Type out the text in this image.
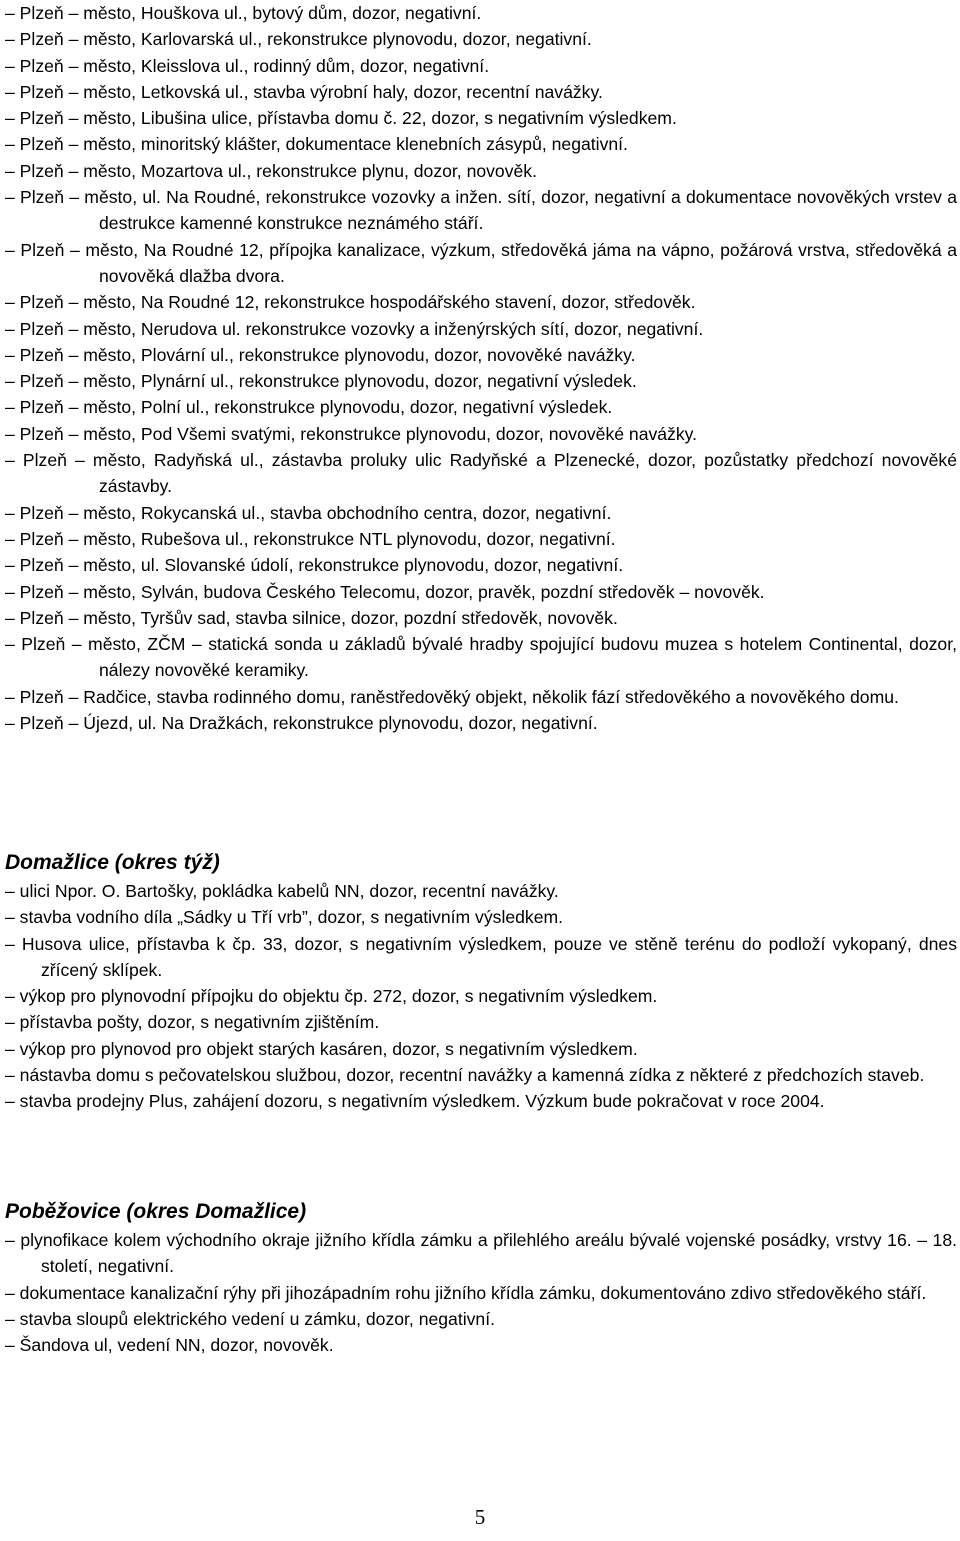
– Plzeň – město, Houškova ul., bytový dům, dozor, negativní.
– Plzeň – město, Karlovarská ul., rekonstrukce plynovodu, dozor, negativní.
– Plzeň – město, Kleisslova ul., rodinný dům, dozor, negativní.
– Plzeň – město, Letkovská ul., stavba výrobní haly, dozor, recentní navážky.
– Plzeň – město, Libušina ulice, přístavba domu č. 22, dozor, s negativním výsledkem.
– Plzeň – město, minoritský klášter, dokumentace klenebních zásypů, negativní.
– Plzeň – město, Mozartova ul., rekonstrukce plynu, dozor, novověk.
– Plzeň – město, ul. Na Roudné, rekonstrukce vozovky a inžen. sítí, dozor, negativní a dokumentace novověkých vrstev a destrukce kamenné konstrukce neznámého stáří.
– Plzeň – město, Na Roudné 12, přípojka kanalizace, výzkum, středověká jáma na vápno, požárová vrstva, středověká a novověká dlažba dvora.
– Plzeň – město, Na Roudné 12, rekonstrukce hospodářského stavení, dozor, středověk.
– Plzeň – město, Nerudova ul. rekonstrukce vozovky a inženýrských sítí, dozor, negativní.
– Plzeň – město, Plovární ul., rekonstrukce plynovodu, dozor, novověké navážky.
– Plzeň – město, Plynární ul., rekonstrukce plynovodu, dozor, negativní výsledek.
– Plzeň – město, Polní ul., rekonstrukce plynovodu, dozor, negativní výsledek.
– Plzeň – město, Pod Všemi svatými, rekonstrukce plynovodu, dozor, novověké navážky.
– Plzeň – město, Radyňská ul., zástavba proluky ulic Radyňské a Plzenecké, dozor, pozůstatky předchozí novověké zástavby.
– Plzeň – město, Rokycanská ul., stavba obchodního centra, dozor, negativní.
– Plzeň – město, Rubešova ul., rekonstrukce NTL plynovodu, dozor, negativní.
– Plzeň – město, ul. Slovanské údolí, rekonstrukce plynovodu, dozor, negativní.
– Plzeň – město, Sylván, budova Českého Telecomu, dozor, pravěk, pozdní středověk – novověk.
– Plzeň – město, Tyršův sad, stavba silnice, dozor, pozdní středověk, novověk.
– Plzeň – město, ZČM – statická sonda u základů bývalé hradby spojující budovu muzea s hotelem Continental, dozor, nálezy novověké keramiky.
– Plzeň – Radčice, stavba rodinného domu, raněstředověký objekt, několik fází středověkého a novověkého domu.
– Plzeň – Újezd, ul. Na Dražkách, rekonstrukce plynovodu, dozor, negativní.
Domažlice (okres týž)
– ulici Npor. O. Bartošky, pokládka kabelů NN, dozor, recentní navážky.
– stavba vodního díla „Sádky u Tří vrb”, dozor, s negativním výsledkem.
– Husova ulice, přístavba k čp. 33, dozor, s negativním výsledkem, pouze ve stěně terénu do podloží vykopaný, dnes zřícený sklípek.
– výkop pro plynovodní přípojku do objektu čp. 272, dozor, s negativním výsledkem.
– přístavba pošty, dozor, s negativním zjištěním.
– výkop pro plynovod pro objekt starých kasáren, dozor, s negativním výsledkem.
– nástavba domu s pečovatelskou službou, dozor, recentní navážky a kamenná zídka z některé z předchozích staveb.
– stavba prodejny Plus, zahájení dozoru, s negativním výsledkem. Výzkum bude pokračovat v roce 2004.
Poběžovice (okres Domažlice)
– plynofikace kolem východního okraje jižního křídla zámku a přilehlého areálu bývalé vojenské posádky, vrstvy 16. – 18. století, negativní.
– dokumentace kanalizační rýhy při jihozápadním rohu jižního křídla zámku, dokumentováno zdivo středověkého stáří.
– stavba sloupů elektrického vedení u zámku, dozor, negativní.
– Šandova ul, vedení NN, dozor, novověk.
5
